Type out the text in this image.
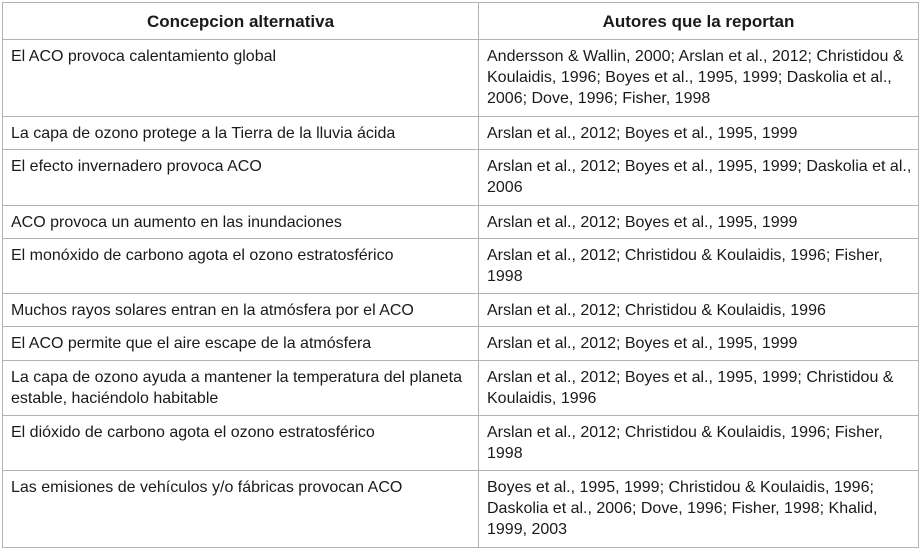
Concepcion alternativa	Autores que la reportan
El ACO provoca calentamiento global	Andersson & Wallin, 2000; Arslan et al., 2012; Christidou & Koulaidis, 1996; Boyes et al., 1995, 1999; Daskolia et al., 2006; Dove, 1996; Fisher, 1998
La capa de ozono protege a la Tierra de la lluvia ácida	Arslan et al., 2012; Boyes et al., 1995, 1999
El efecto invernadero provoca ACO	Arslan et al., 2012; Boyes et al., 1995, 1999; Daskolia et al., 2006
ACO provoca un aumento en las inundaciones	Arslan et al., 2012; Boyes et al., 1995, 1999
El monóxido de carbono agota el ozono estratosférico	Arslan et al., 2012; Christidou & Koulaidis, 1996; Fisher, 1998
Muchos rayos solares entran en la atmósfera por el ACO	Arslan et al., 2012; Christidou & Koulaidis, 1996
El ACO permite que el aire escape de la atmósfera	Arslan et al., 2012; Boyes et al., 1995, 1999
La capa de ozono ayuda a mantener la temperatura del planeta estable, haciéndolo habitable	Arslan et al., 2012; Boyes et al., 1995, 1999; Christidou & Koulaidis, 1996
El dióxido de carbono agota el ozono estratosférico	Arslan et al., 2012; Christidou & Koulaidis, 1996; Fisher, 1998
Las emisiones de vehículos y/o fábricas provocan ACO	Boyes et al., 1995, 1999; Christidou & Koulaidis, 1996; Daskolia et al., 2006; Dove, 1996; Fisher, 1998; Khalid, 1999, 2003
